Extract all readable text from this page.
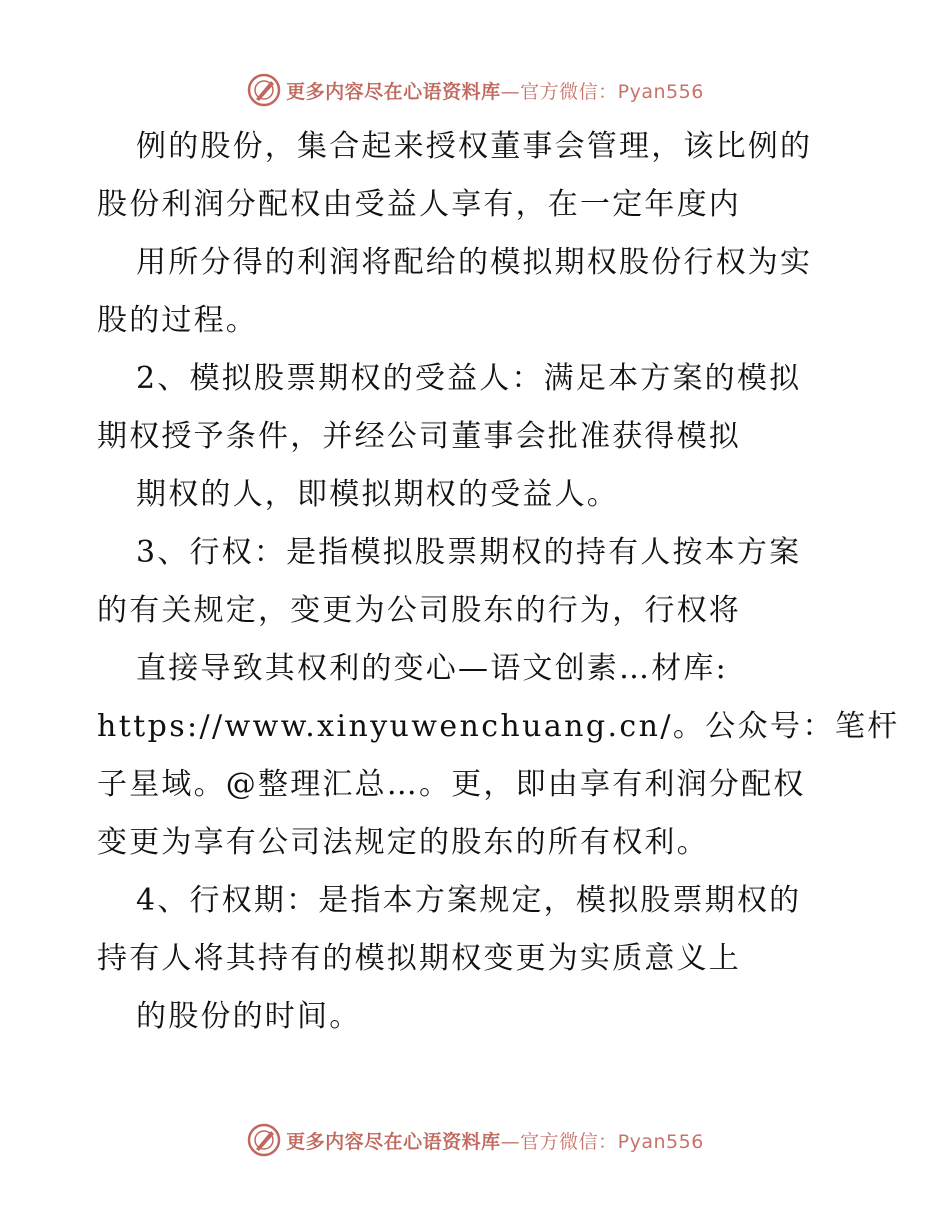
更多内容尽在心语资料库—官方微信：Pyan556
例的股份，集合起来授权董事会管理，该比例的
股份利润分配权由受益人享有，在一定年度内
用所分得的利润将配给的模拟期权股份行权为实
股的过程。
2、模拟股票期权的受益人：满足本方案的模拟
期权授予条件，并经公司董事会批准获得模拟
期权的人，即模拟期权的受益人。
3、行权：是指模拟股票期权的持有人按本方案
的有关规定，变更为公司股东的行为，行权将
直接导致其权利的变心—语文创素…材库:
https://www.xinyuwenchuang.cn/。公众号：笔杆
子星域。@整理汇总…。更，即由享有利润分配权
变更为享有公司法规定的股东的所有权利。
4、行权期：是指本方案规定，模拟股票期权的
持有人将其持有的模拟期权变更为实质意义上
的股份的时间。
更多内容尽在心语资料库—官方微信：Pyan556
